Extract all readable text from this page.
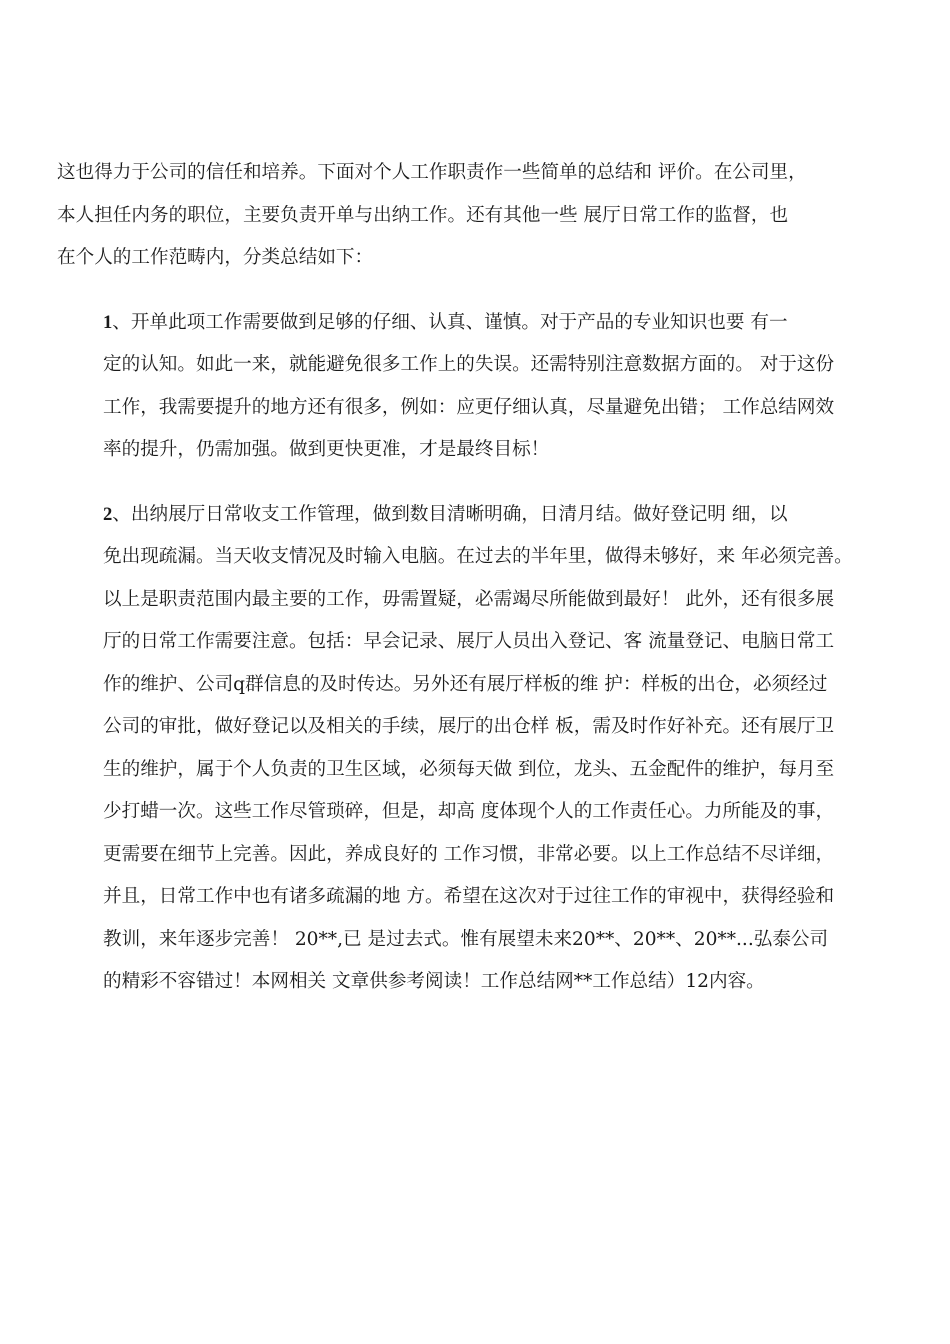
这也得力于公司的信任和培养。下面对个人工作职责作一些简单的总结和 评价。在公司里，
本人担任内务的职位，主要负责开单与出纳工作。还有其他一些 展厅日常工作的监督，也
在个人的工作范畴内，分类总结如下：

1、开单此项工作需要做到足够的仔细、认真、谨慎。对于产品的专业知识也要 有一
定的认知。如此一来，就能避免很多工作上的失误。还需特别注意数据方面的。 对于这份
工作，我需要提升的地方还有很多，例如：应更仔细认真，尽量避免出错； 工作总结网效
率的提升，仍需加强。做到更快更准，才是最终目标！

2、出纳展厅日常收支工作管理，做到数目清晰明确，日清月结。做好登记明 细，以
免出现疏漏。当天收支情况及时输入电脑。在过去的半年里，做得未够好，来 年必须完善。
以上是职责范围内最主要的工作，毋需置疑，必需竭尽所能做到最好！ 此外，还有很多展
厅的日常工作需要注意。包括：早会记录、展厅人员出入登记、客 流量登记、电脑日常工
作的维护、公司q群信息的及时传达。另外还有展厅样板的维 护：样板的出仓，必须经过
公司的审批，做好登记以及相关的手续，展厅的出仓样 板，需及时作好补充。还有展厅卫
生的维护，属于个人负责的卫生区域，必须每天做 到位，龙头、五金配件的维护，每月至
少打蜡一次。这些工作尽管琐碎，但是，却高 度体现个人的工作责任心。力所能及的事，
更需要在细节上完善。因此，养成良好的 工作习惯，非常必要。以上工作总结不尽详细，
并且，日常工作中也有诸多疏漏的地 方。希望在这次对于过往工作的审视中，获得经验和
教训，来年逐步完善！ 20**,已 是过去式。惟有展望未来20**、20**、20**...弘泰公司
的精彩不容错过！本网相关 文章供参考阅读！工作总结网**工作总结）12内容。
